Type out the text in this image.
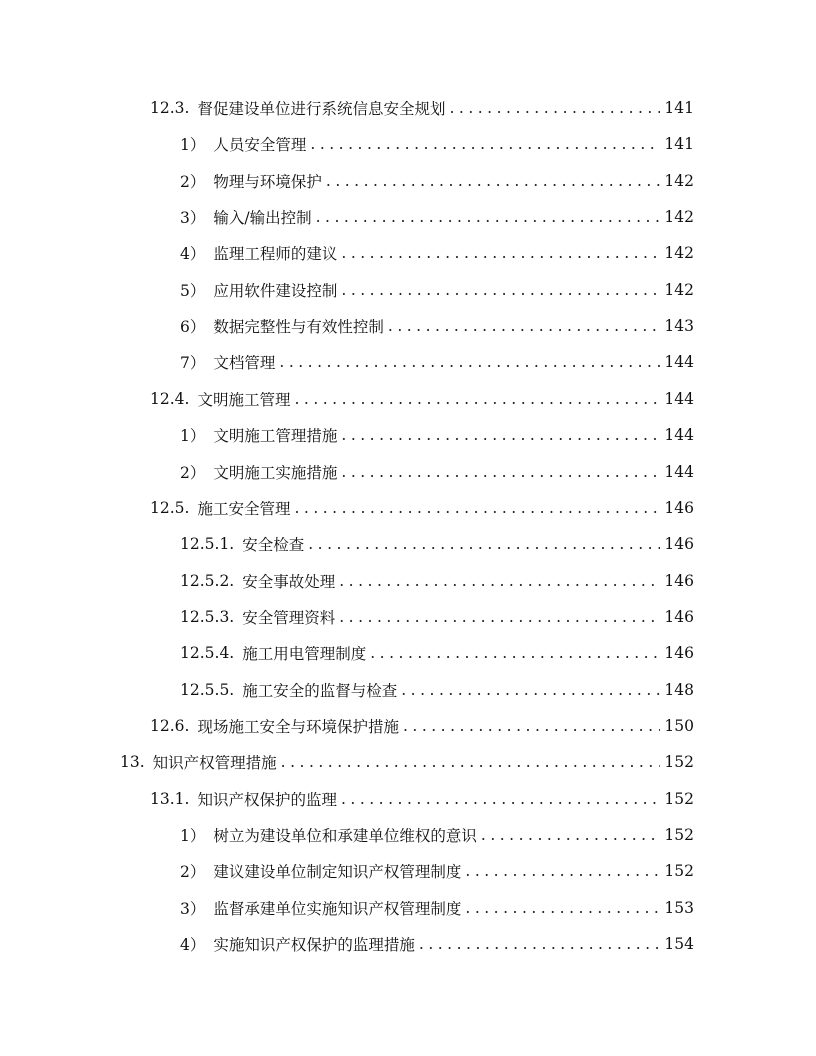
12.3. 督促建设单位进行系统信息安全规划 .....	141
1） 人员安全管理 .....	141
2） 物理与环境保护 .....	142
3） 输入/输出控制 .....	142
4） 监理工程师的建议 .....	142
5） 应用软件建设控制 .....	142
6） 数据完整性与有效性控制 .....	143
7） 文档管理 .....	144
12.4. 文明施工管理 .....	144
1） 文明施工管理措施 .....	144
2） 文明施工实施措施 .....	144
12.5. 施工安全管理 .....	146
12.5.1. 安全检查 .....	146
12.5.2. 安全事故处理 .....	146
12.5.3. 安全管理资料 .....	146
12.5.4. 施工用电管理制度 .....	146
12.5.5. 施工安全的监督与检查 .....	148
12.6. 现场施工安全与环境保护措施 .....	150
13. 知识产权管理措施 .....	152
13.1. 知识产权保护的监理 .....	152
1） 树立为建设单位和承建单位维权的意识 .....	152
2） 建议建设单位制定知识产权管理制度 .....	152
3） 监督承建单位实施知识产权管理制度 .....	153
4） 实施知识产权保护的监理措施 .....	154
